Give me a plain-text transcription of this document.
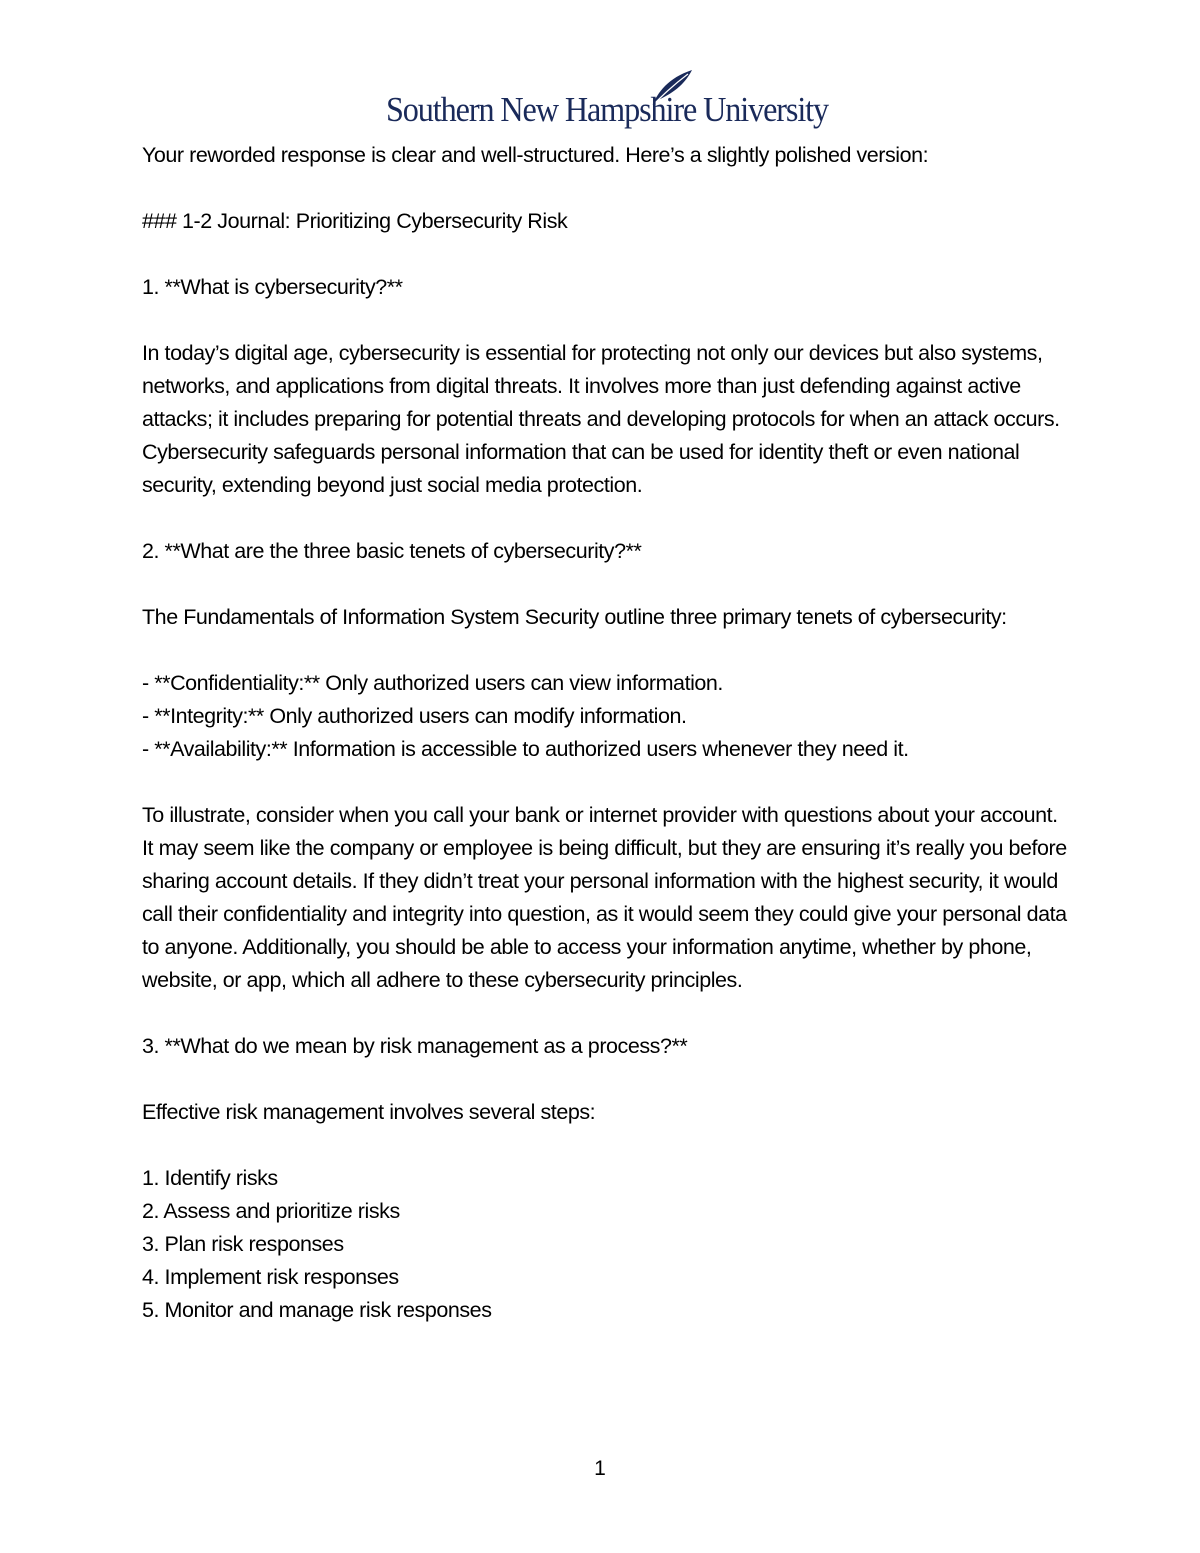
Southern New Hampshire University

Your reworded response is clear and well-structured. Here’s a slightly polished version:

### 1-2 Journal: Prioritizing Cybersecurity Risk

1. **What is cybersecurity?**

In today’s digital age, cybersecurity is essential for protecting not only our devices but also systems, networks, and applications from digital threats. It involves more than just defending against active attacks; it includes preparing for potential threats and developing protocols for when an attack occurs. Cybersecurity safeguards personal information that can be used for identity theft or even national security, extending beyond just social media protection.

2. **What are the three basic tenets of cybersecurity?**

The Fundamentals of Information System Security outline three primary tenets of cybersecurity:

- **Confidentiality:** Only authorized users can view information.
- **Integrity:** Only authorized users can modify information.
- **Availability:** Information is accessible to authorized users whenever they need it.

To illustrate, consider when you call your bank or internet provider with questions about your account. It may seem like the company or employee is being difficult, but they are ensuring it’s really you before sharing account details. If they didn’t treat your personal information with the highest security, it would call their confidentiality and integrity into question, as it would seem they could give your personal data to anyone. Additionally, you should be able to access your information anytime, whether by phone, website, or app, which all adhere to these cybersecurity principles.

3. **What do we mean by risk management as a process?**

Effective risk management involves several steps:

1. Identify risks
2. Assess and prioritize risks
3. Plan risk responses
4. Implement risk responses
5. Monitor and manage risk responses
1
